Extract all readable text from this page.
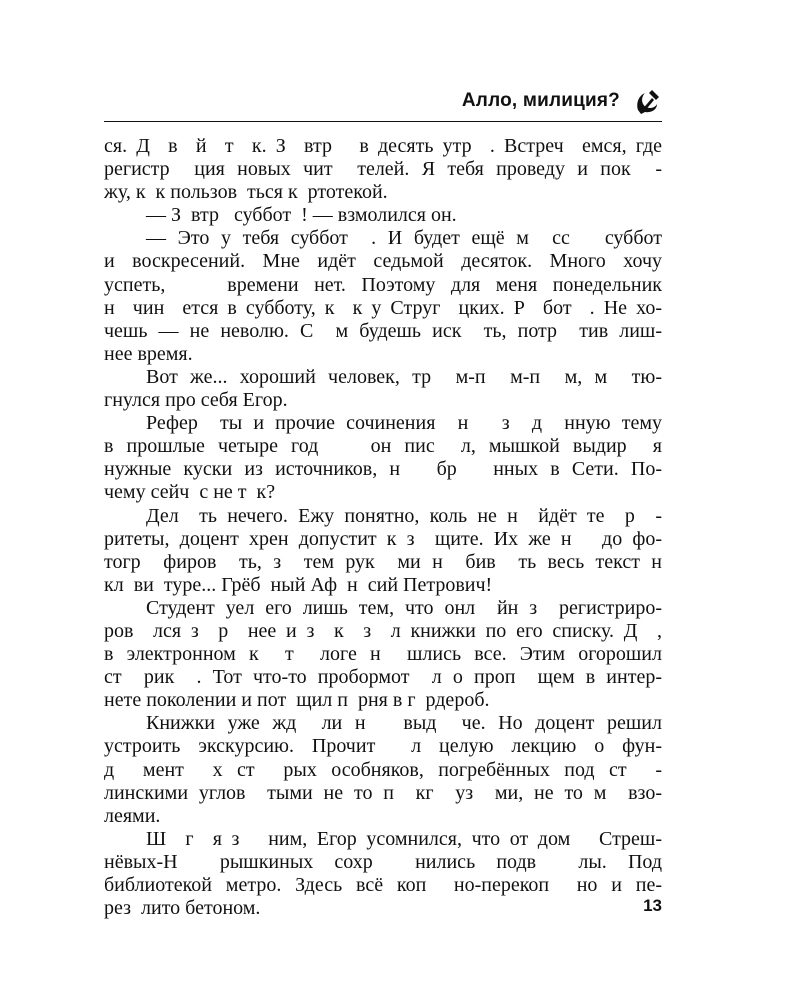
Алло, милиция?
ся. Д  в  й  т  к. З  втр   в десять утр  . Встреч  емся, где
регистр  ция новых чит  телей. Я тебя проведу и пок  -
жу, к  к пользов  ться к  ртотекой.
— З  втр   суббот  ! — взмолился он.
— Это у тебя суббот  . И будет ещё м  сс   суббот
и воскресений. Мне идёт седьмой десяток. Много хочу
успеть,    времени нет. Поэтому для меня понедельник
н  чин  ется в субботу, к  к у Струг  цких. Р  бот  . Не хо-
чешь — не неволю. С  м будешь иск  ть, потр  тив лиш-
нее время.
Вот же... хороший человек, тр  м-п  м-п  м, м  тю-
гнулся про себя Егор.
Рефер  ты и прочие сочинения  н   з  д  нную тему
в прошлые четыре год    он пис  л, мышкой выдир  я
нужные куски из источников, н   бр   нных в Сети. По-
чему сейч  с не т  к?
Дел  ть нечего. Ежу понятно, коль не н  йдёт те  р  -
ритеты, доцент хрен допустит к з  щите. Их же н   до фо-
тогр  фиров  ть, з  тем рук  ми н  бив  ть весь текст н
кл  ви  туре... Грёб  ный Аф  н  сий Петрович!
Студент уел его лишь тем, что онл  йн з  регистриро-
ров  лся з  р  нее и з  к  з  л книжки по его списку. Д  ,
в электронном к  т  логе н  шлись все. Этим огорошил
ст  рик  . Тот что-то пробормот  л о проп  щем в интер-
нете поколении и пот  щил п  рня в г  рдероб.
Книжки уже жд  ли н   выд  че. Но доцент решил
устроить экскурсию. Прочит  л целую лекцию о фун-
д  мент  х ст  рых особняков, погребённых под ст  -
линскими углов  тыми не то п  кг  уз  ми, не то м  взо-
леями.
Ш  г  я з   ним, Егор усомнился, что от дом   Стреш-
нёвых-Н  рышкиных сохр  нились подв  лы. Под
библиотекой метро. Здесь всё коп  но-перекоп  но и пе-
рез  лито бетоном.	13
